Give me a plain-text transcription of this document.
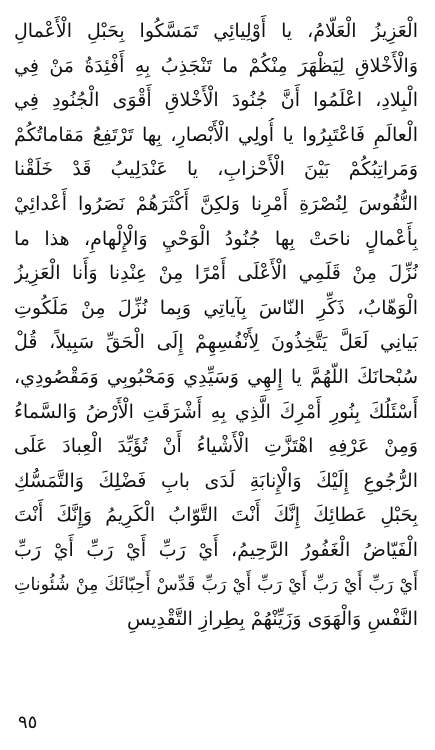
الْعَزِيزُ الْعَلّامُ، يا أَوْلِيائِي تَمَسَّكُوا بِحَبْلِ الْأَعْمالِ
وَالْأَخْلاقِ لِيَظْهَرَ مِنْكُمْ ما تَنْجَذِبُ بِهِ أَفْئِدَةُ مَنْ فِي
الْبِلادِ، اعْلَمُوا أَنَّ جُنُودَ الْأَخْلاقِ أَقْوَى الْجُنُودِ فِي
الْعالَمِ فَاعْتَبِرُوا يا أُولِي الْأَبْصارِ، بِها تَرْتَفِعُ مَقاماتُكُمْ
وَمَراتِبُكُمْ بَيْنَ الْأَحْزابِ، يا عَنْدَلِيبُ قَدْ خَلَقْنا
النُّفُوسَ لِنُصْرَةِ أَمْرِنا وَلكِنَّ أَكْثَرَهُمْ نَصَرُوا أَعْدائِيْ
بِأَعْمالٍ ناحَتْ بِها جُنُودُ الْوَحْيِ وَالْإِلْهامِ، هذا ما
نُزِّلَ مِنْ قَلَمِي الْأَعْلَى أَمْرًا مِنْ عِنْدِنا وَأَنا الْعَزِيزُ
الْوَهّابُ، ذَكِّرِ النّاسَ بِآياتِي وَبِما نُزِّلَ مِنْ مَلَكُوتِ
بَيانِي لَعَلَّ يَتَّخِذُونَ لِأَنْفُسِهِمْ إِلَى الْحَقِّ سَبِيلاً، قُلْ
سُبْحانَكَ اللّهُمَّ يا إِلهِي وَسَيِّدِي وَمَحْبُوبِي وَمَقْصُودِي،
أَسْئَلُكَ بِنُورِ أَمْرِكَ الَّذِي بِهِ أَشْرَقَتِ الْأَرْضُ وَالسَّماءُ
وَمِنْ عَرْفِهِ اهْتَزَّتِ الْأَشْياءُ أَنْ تُؤَيِّدَ الْعِبادَ عَلَى
الرُّجُوعِ إِلَيْكَ وَالْإِنابَةِ لَدَى بابِ فَضْلِكَ وَالتَّمَسُّكِ
بِحَبْلِ عَطائِكَ إِنَّكَ أَنْتَ التَّوّابُ الْكَرِيمُ وَإِنَّكَ أَنْتَ
الْفَيّاضُ الْغَفُورُ الرَّحِيمُ، أَيْ رَبِّ أَيْ رَبِّ أَيْ رَبِّ
أَيْ رَبِّ أَيْ رَبِّ أَيْ رَبِّ أَيْ رَبِّ قَدِّسْ أَحِبّائَكَ مِنْ شُئُوناتِ
النَّفْسِ وَالْهَوَى وَزَيِّنْهُمْ بِطِرازِ التَّقْدِيسِ
٩٥
